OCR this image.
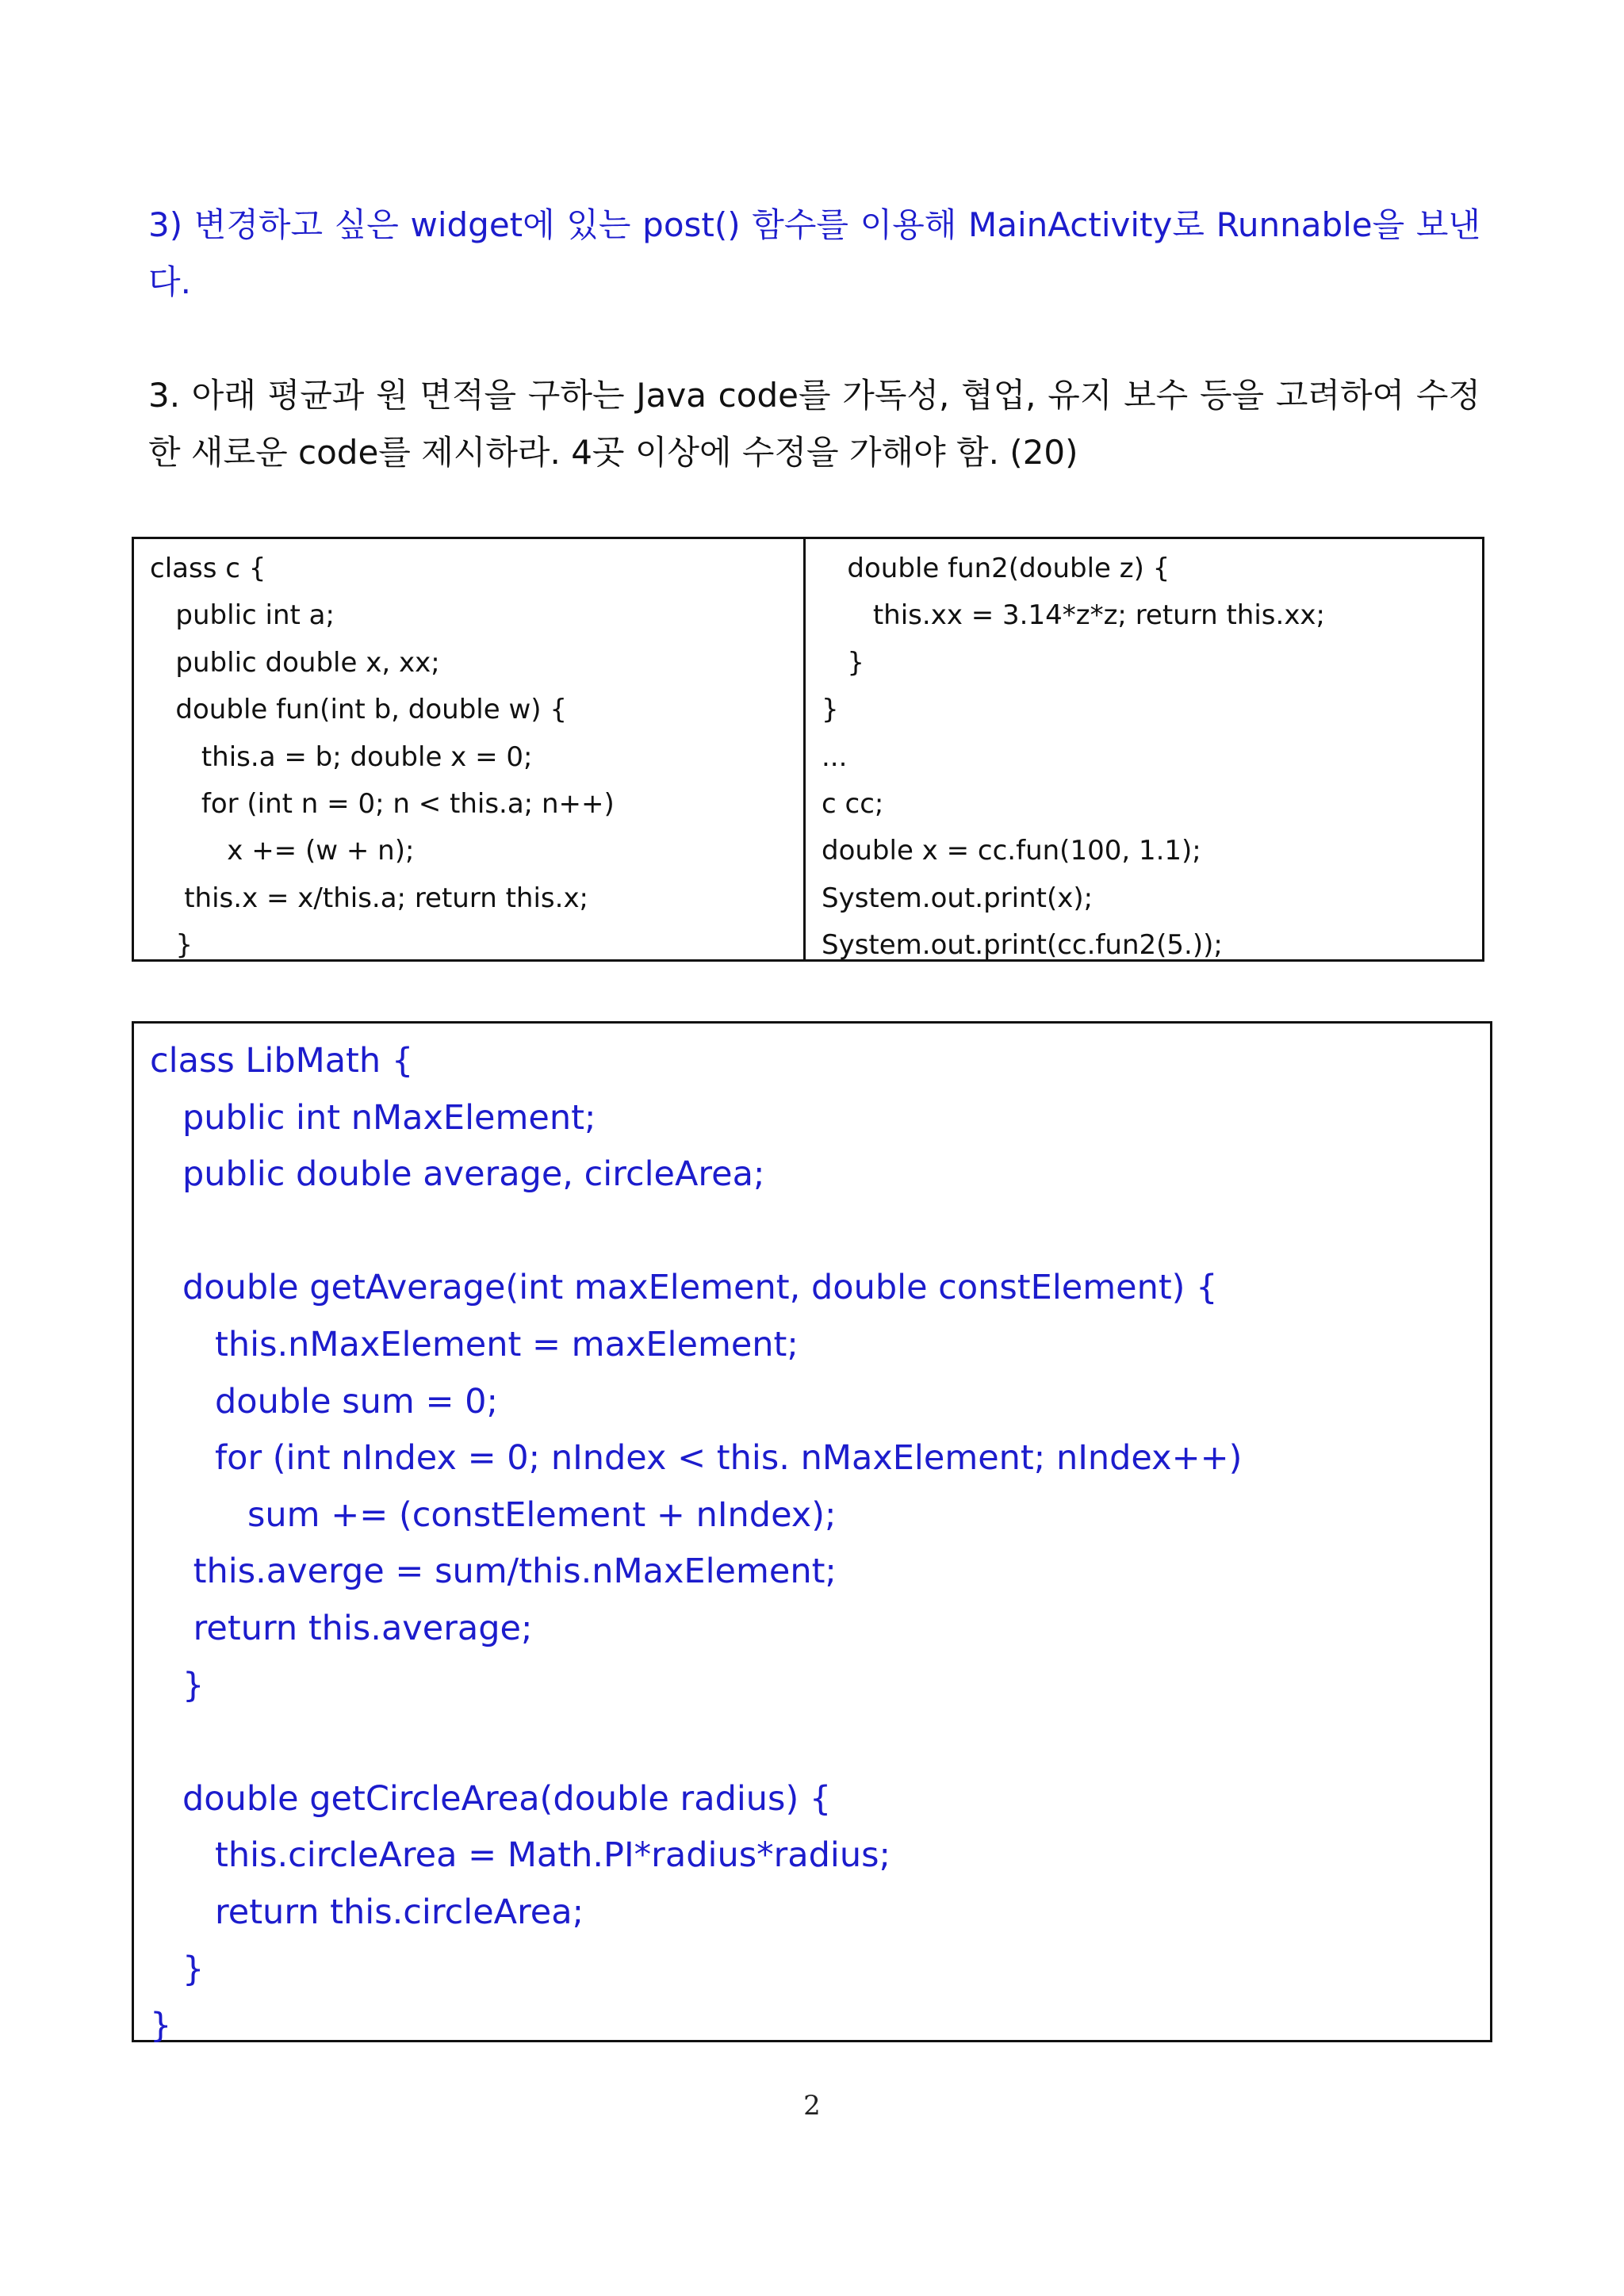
3) 변경하고 싶은 widget에 있는 post() 함수를 이용해 MainActivity로 Runnable을 보낸다.

3. 아래 평균과 원 면적을 구하는 Java code를 가독성, 협업, 유지 보수 등을 고려하여 수정한 새로운 code를 제시하라. 4곳 이상에 수정을 가해야 함. (20)

class c {
public int a;
public double x, xx;
double fun(int b, double w) {
this.a = b; double x = 0;
for (int n = 0; n < this.a; n++)
x += (w + n);
this.x = x/this.a; return this.x;
}
double fun2(double z) {
this.xx = 3.14*z*z; return this.xx;
}
}
...
c cc;
double x = cc.fun(100, 1.1);
System.out.print(x);
System.out.print(cc.fun2(5.));
class LibMath {
public int nMaxElement;
public double average, circleArea;
double getAverage(int maxElement, double constElement) {
this.nMaxElement = maxElement;
double sum = 0;
for (int nIndex = 0; nIndex < this. nMaxElement; nIndex++)
sum += (constElement + nIndex);
this.averge = sum/this.nMaxElement;
return this.average;
}
double getCircleArea(double radius) {
this.circleArea = Math.PI*radius*radius;
return this.circleArea;
}
}
2
